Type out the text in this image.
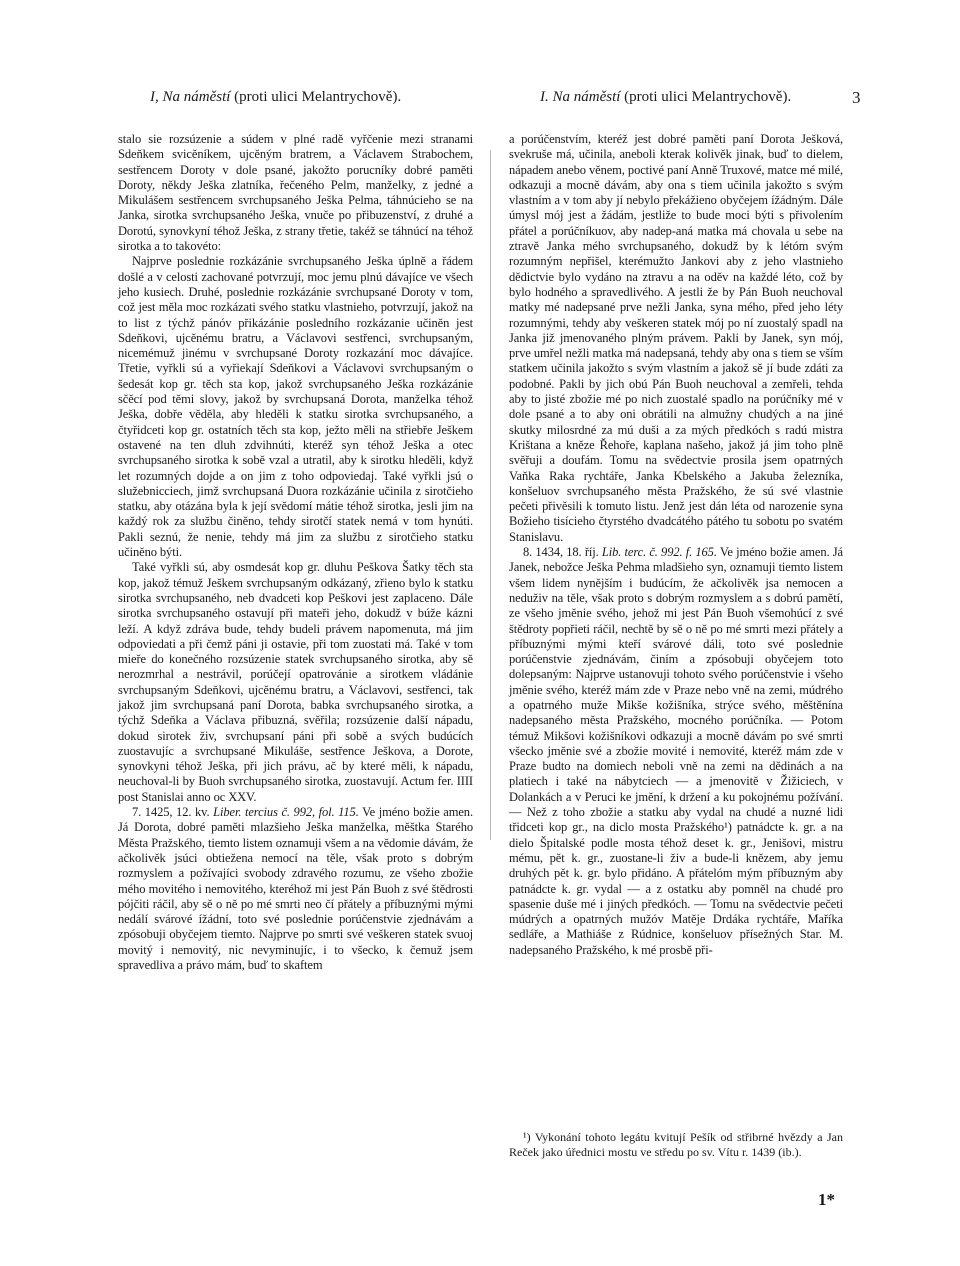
I, Na náměstí (proti ulici Melantrychově).	I. Na náměstí (proti ulici Melantrychově).	3

stalo sie rozsúzenie a súdem v plné radě vyřčenie mezi stranami Sdeňkem svicěníkem, ujcěným bratrem, a Václavem Strabochem, sestřencem Doroty v dole psané, jakožto porucníky dobré paměti Doroty, někdy Ješka zlatníka, řečeného Pelm, manželky, z jedné a Mikulášem sestřencem svrchupsaného Ješka Pelma, táhnúcieho se na Janka, sirotka svrchupsaného Ješka, vnuče po přibuzenství, z druhé a Dorotú, synovkyní téhož Ješka, z strany třetie, takéž se táhnúcí na téhož sirotka a to takovéto:

Najprve poslednie rozkázánie svrchupsaného Ješka úplně a řádem došlé a v celosti zachované potvrzují, moc jemu plnú dávajíce ve všech jeho kusiech. Druhé, poslednie rozkázánie svrchupsané Doroty v tom, což jest měla moc rozkázati svého statku vlastnieho, potvrzují, jakož na to list z týchž pánóv přikázánie posledního rozkázanie učiněn jest Sdeňkovi, ujcěnému bratru, a Václavovi sestřenci, svrchupsaným, nicemémuž jinému v svrchupsané Doroty rozkazání moc dávajíce. Třetie, vyřkli sú a vyřiekají Sdeňkovi a Václavovi svrchupsaným o šedesát kop gr. těch sta kop, jakož svrchupsaného Ješka rozkázánie sčěcí pod těmi slovy, jakož by svrchupsaná Dorota, manželka téhož Ješka, dobře věděla, aby hleděli k statku sirotka svrchupsaného, a čtyřidceti kop gr. ostatních těch sta kop, ježto měli na střiebře Ješkem ostavené na ten dluh zdvihnúti, kteréž syn téhož Ješka a otec svrchupsaného sirotka k sobě vzal a utratil, aby k sirotku hleděli, když let rozumných dojde a on jim z toho odpoviedaj. Také vyřkli jsú o služebnicciech, jimž svrchupsaná Duora rozkázánie učinila z sirotčieho statku, aby otázána byla k její svědomí mátie téhož sirotka, jesli jim na každý rok za službu činěno, tehdy sirotčí statek nemá v tom hynúti. Pakli seznú, že nenie, tehdy má jim za službu z sirotčieho statku učiněno býti.

Také vyřkli sú, aby osmdesát kop gr. dluhu Peškova Šatky těch sta kop, jakož témuž Ješkem svrchupsaným odkázaný, zřieno bylo k statku sirotka svrchupsaného, neb dvadceti kop Peškovi jest zaplaceno. Dále sirotka svrchupsaného ostavují při mateři jeho, dokudž v búže kázni leží. A když zdráva bude, tehdy budeli právem napomenuta, má jim odpoviedati a při čemž páni ji ostavie, při tom zuostati má. Také v tom mieře do konečného rozsúzenie statek svrchupsaného sirotka, aby sě nerozmrhal a nestrávil, porúčejí opatrovánie a sirotkem vládánie svrchupsaným Sdeňkovi, ujcěnému bratru, a Václavovi, sestřenci, tak jakož jim svrchupsaná paní Dorota, babka svrchupsaného sirotka, a týchž Sdeňka a Václava přibuzná, svěřila; rozsúzenie další nápadu, dokud sirotek živ, svrchupsaní páni při sobě a svých budúcích zuostavujíc a svrchupsané Mikuláše, sestřence Ješkova, a Dorote, synovkyni téhož Ješka, při jich právu, ač by které měli, k nápadu, neuchoval-li by Buoh svrchupsaného sirotka, zuostavují. Actum fer. IIII post Stanislai anno oc XXV.

7. 1425, 12. kv. Liber. tercius č. 992, fol. 115. Ve jméno božie amen. Já Dorota, dobré paměti mlazšieho Ješka manželka, měštka Starého Města Pražského, tiemto listem oznamuji všem a na vědomie dávám, že ačkolivěk jsúci obtiežena nemocí na těle, však proto s dobrým rozmyslem a požívajíci svobody zdravého rozumu, ze všeho zbožie mého movitého i nemovitého, kteréhož mi jest Pán Buoh z své štědrosti pójčiti ráčil, aby sě o ně po mé smrti neo čí přátely a příbuznými mými nedálí svárové ížádní, toto své poslednie porúčenstvie zjednávám a zpósobuji obyčejem tiemto. Najprve po smrti své veškeren statek svuoj movitý i nemovitý, nic nevyminujíc, i to všecko, k čemuž jsem spravedliva a právo mám, buď to skaftem

a porúčenstvím, kteréž jest dobré paměti paní Dorota Ješková, svekruše má, učinila, aneboli kterak kolivěk jinak, buď to dielem, nápadem anebo věnem, poctivé paní Anně Truxové, matce mé milé, odkazuji a mocně dávám, aby ona s tiem učinila jakožto s svým vlastním a v tom aby jí nebylo překážieno obyčejem ížádným. Dále úmysl mój jest a žádám, jestliže to bude moci býti s přivolením přátel a porúčníkuov, aby nadep-aná matka má chovala u sebe na ztravě Janka mého svrchupsaného, dokudž by k létóm svým rozumným nepřišel, kterémužto Jankovi aby z jeho vlastnieho dědictvie bylo vydáno na ztravu a na oděv na každé léto, což by bylo hodného a spravedlivého. A jestli že by Pán Buoh neuchoval matky mé nadepsané prve nežli Janka, syna mého, před jeho léty rozumnými, tehdy aby veškeren statek mój po ní zuostalý spadl na Janka již jmenovaného plným právem. Pakli by Janek, syn mój, prve umřel nežli matka má nadepsaná, tehdy aby ona s tiem se vším statkem učinila jakožto s svým vlastním a jakož sě jí bude zdáti za podobné. Pakli by jich obú Pán Buoh neuchoval a zemřeli, tehda aby to jisté zbožie mé po nich zuostalé spadlo na porúčníky mé v dole psané a to aby oni obrátili na almužny chudých a na jiné skutky milosrdné za mú duši a za mých předkóch s radú mistra Krištana a kněze Řehoře, kaplana našeho, jakož já jim toho plně svěřuji a doufám. Tomu na svědectvie prosila jsem opatrných Vaňka Raka rychtáře, Janka Kbelského a Jakuba železníka, konšeluov svrchupsaného města Pražského, že sú své vlastnie pečeti přivěsili k tomuto listu. Jenž jest dán léta od narozenie syna Božieho tisícieho čtyrstého dvadcátého pátého tu sobotu po svatém Stanislavu.

8. 1434, 18. říj. Lib. terc. č. 992. f. 165. Ve jméno božie amen. Já Janek, nebožce Ješka Pehma mladšieho syn, oznamuji tiemto listem všem lidem nynějším i budúcím, že ačkolivěk jsa nemocen a neduživ na těle, však proto s dobrým rozmyslem a s dobrú pamětí, ze všeho jměnie svého, jehož mi jest Pán Buoh všemohúcí z své štědroty popřieti ráčil, nechtě by sě o ně po mé smrti mezi přátely a příbuznými mými kteří svárové dáli, toto své poslednie porúčenstvie zjednávám, činím a zpósobuji obyčejem toto dolepsaným: Najprve ustanovuji tohoto svého porúčenstvie i všeho jměnie svého, kteréž mám zde v Praze nebo vně na zemi, múdrého a opatrného muže Mikše kožišníka, strýce svého, měštěnína nadepsaného města Pražského, mocného porúčníka. — Potom témuž Mikšovi kožišníkovi odkazuji a mocně dávám po své smrti všecko jměnie své a zbožie movité i nemovité, kteréž mám zde v Praze budto na domiech neboli vně na zemi na dědinách a na platiech i také na nábytciech — a jmenovitě v Žižiciech, v Dolankách a v Peruci ke jmění, k držení a ku pokojnému požívání. — Než z toho zbožie a statku aby vydal na chudé a nuzné lidi třidceti kop gr., na diclo mosta Pražského¹) patnádcte k. gr. a na dielo Špitalské podle mosta téhož deset k. gr., Jenišovi, mistru mému, pět k. gr., zuostane-li živ a bude-li knězem, aby jemu druhých pět k. gr. bylo přidáno. A přátelóm mým příbuzným aby patnádcte k. gr. vydal — a z ostatku aby pomněl na chudé pro spasenie duše mé i jiných předkóch. — Tomu na svědectvie pečeti múdrých a opatrných mužóv Matěje Drdáka rychtáře, Maříka sedláře, a Mathiáše z Rúdnice, konšeluov přísežných Star. M. nadepsaného Pražského, k mé prosbě při-

¹) Vykonání tohoto legátu kvitují Pešík od střibrné hvězdy a Jan Reček jako úřednici mostu ve středu po sv. Vítu r. 1439 (ib.).

1*
